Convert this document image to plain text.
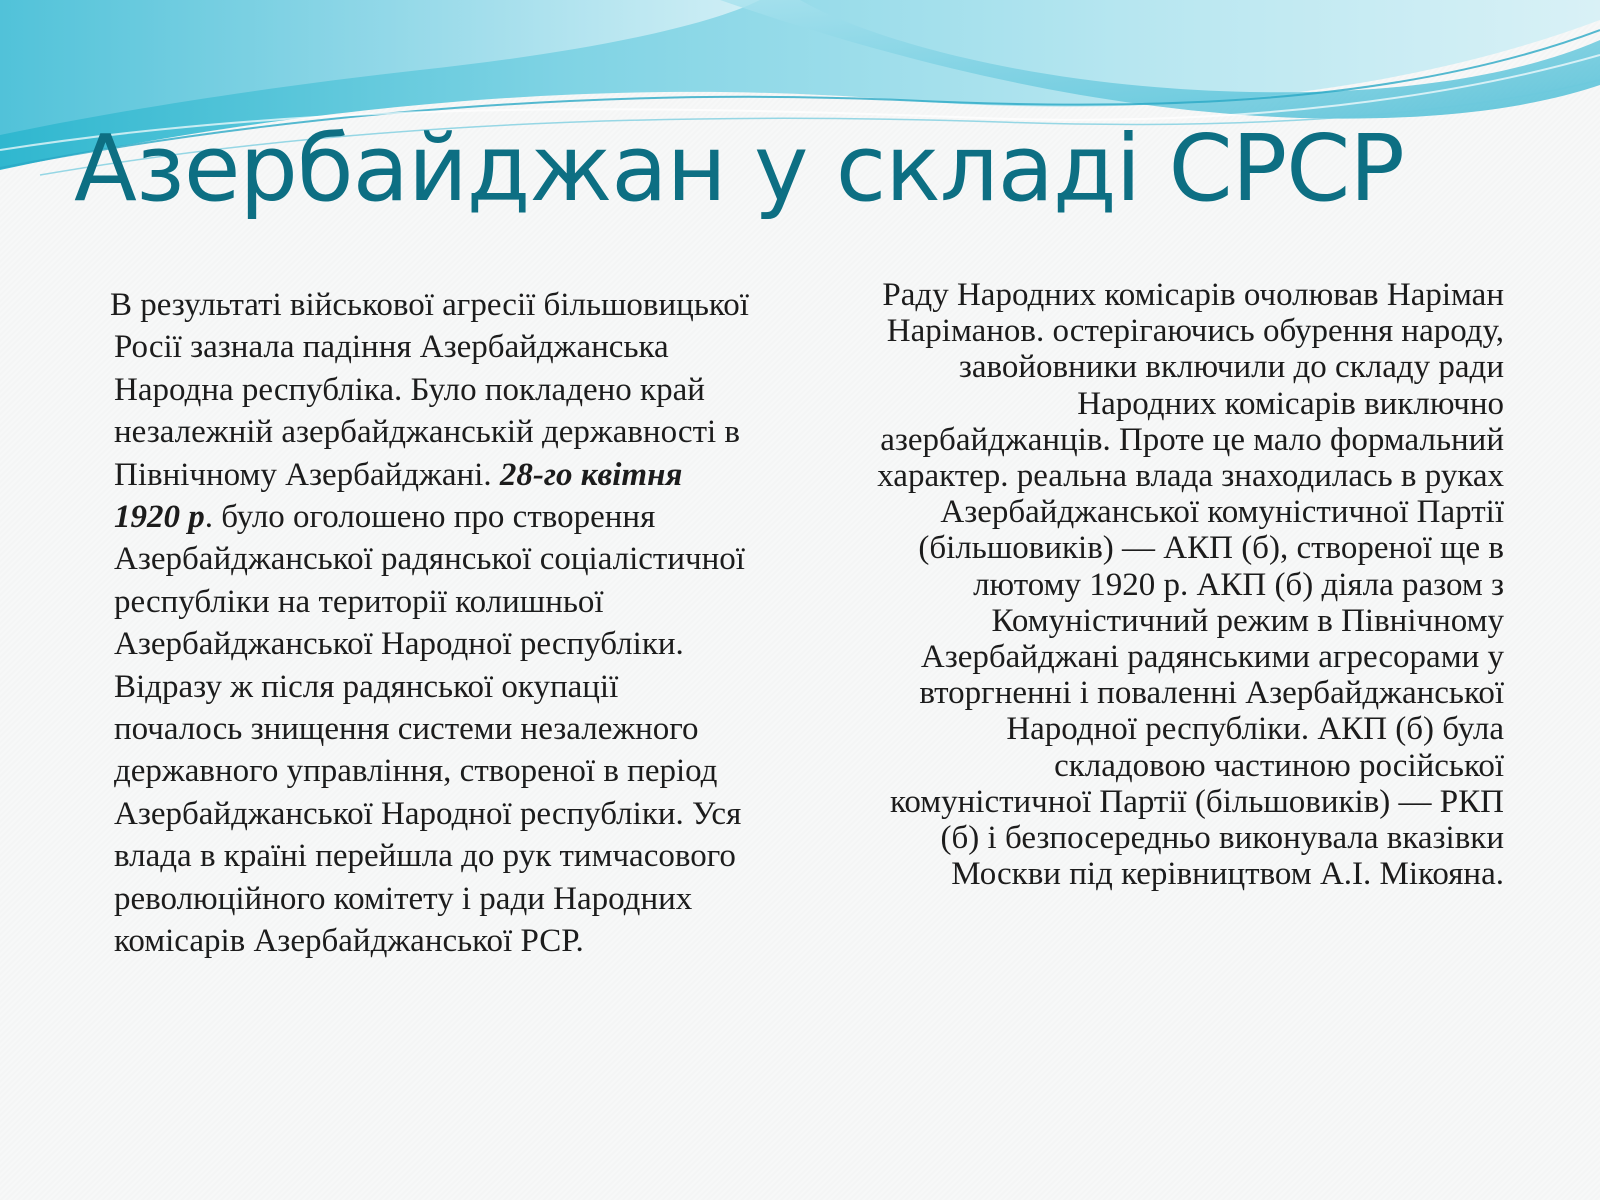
Азербайджан у складі СРСР

В результаті військової агресії більшовицької Росії зазнала падіння Азербайджанська Народна республіка. Було покладено край незалежній азербайджанській державності в Північному Азербайджані. 28-го квітня 1920 р. було оголошено про створення Азербайджанської радянської соціалістичної республіки на території колишньої Азербайджанської Народної республіки. Відразу ж після радянської окупації почалось знищення системи незалежного державного управління, створеної в період Азербайджанської Народної республіки. Уся влада в країні перейшла до рук тимчасового революційного комітету і ради Народних комісарів Азербайджанської РСР.

Раду Народних комісарів очолював Наріман Наріманов. остерігаючись обурення народу, завойовники включили до складу ради Народних комісарів виключно азербайджанців. Проте це мало формальний характер. реальна влада знаходилась в руках Азербайджанської комуністичної Партії (більшовиків) — АКП (б), створеної ще в лютому 1920 р. АКП (б) діяла разом з Комуністичний режим в Північному Азербайджані радянськими агресорами у вторгненні і поваленні Азербайджанської Народної республіки. АКП (б) була складовою частиною російської комуністичної Партії (більшовиків) — РКП (б) і безпосередньо виконувала вказівки Москви під керівництвом А.І. Мікояна.
